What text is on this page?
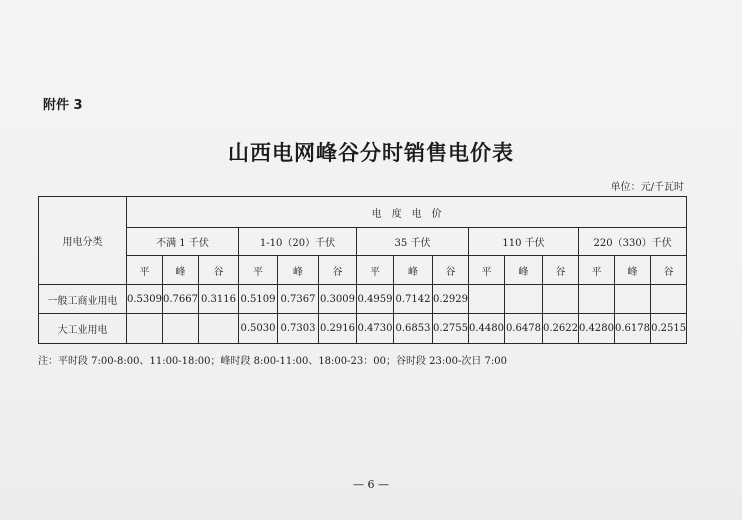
附件 3
山西电网峰谷分时销售电价表
单位：元/千瓦时
用电分类	电　度　电　价														
	不满 1 千伏			1-10（20）千伏			35 千伏			110 千伏			220（330）千伏		
	平	峰	谷	平	峰	谷	平	峰	谷	平	峰	谷	平	峰	谷
一般工商业用电	0.5309	0.7667	0.3116	0.5109	0.7367	0.3009	0.4959	0.7142	0.2929						
大工业用电				0.5030	0.7303	0.2916	0.4730	0.6853	0.2755	0.4480	0.6478	0.2622	0.4280	0.6178	0.2515
注：平时段 7:00-8:00、11:00-18:00；峰时段 8:00-11:00、18:00-23：00；谷时段 23:00-次日 7:00
— 6 —
